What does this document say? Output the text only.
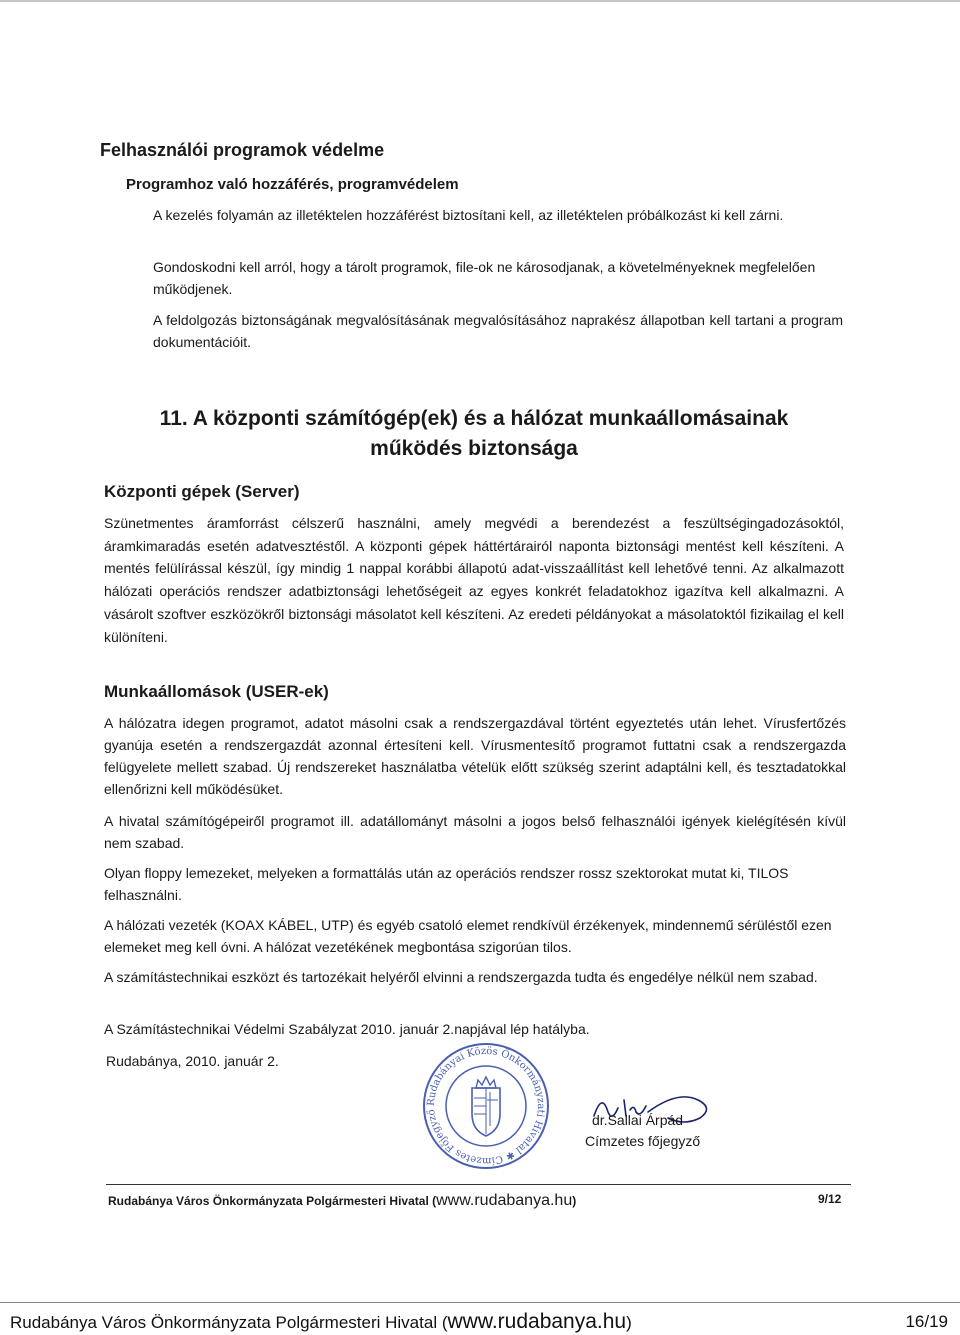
Felhasználói programok védelme
Programhoz való hozzáférés, programvédelem
A kezelés folyamán az illetéktelen hozzáférést biztosítani kell, az illetéktelen próbálkozást ki kell zárni.
Gondoskodni kell arról, hogy a tárolt programok, file-ok ne károsodjanak, a követelményeknek megfelelően működjenek.
A feldolgozás biztonságának megvalósításának megvalósításához naprakész állapotban kell tartani a program dokumentációit.
11. A központi számítógép(ek) és a hálózat munkaállomásainak
működés biztonsága
Központi gépek (Server)
Szünetmentes áramforrást célszerű használni, amely megvédi a berendezést a feszültségingadozásoktól, áramkimaradás esetén adatvesztéstől. A központi gépek háttértárairól naponta biztonsági mentést kell készíteni. A mentés felülírással készül, így mindig 1 nappal korábbi állapotú adat-visszaállítást kell lehetővé tenni. Az alkalmazott hálózati operációs rendszer adatbiztonsági lehetőségeit az egyes konkrét feladatokhoz igazítva kell alkalmazni. A vásárolt szoftver eszközökről biztonsági másolatot kell készíteni. Az eredeti példányokat a másolatoktól fizikailag el kell különíteni.
Munkaállomások (USER-ek)
A hálózatra idegen programot, adatot másolni csak a rendszergazdával történt egyeztetés után lehet. Vírusfertőzés gyanúja esetén a rendszergazdát azonnal értesíteni kell. Vírusmentesítő programot futtatni csak a rendszergazda felügyelete mellett szabad. Új rendszereket használatba vételük előtt szükség szerint adaptálni kell, és tesztadatokkal ellenőrizni kell működésüket.
A hivatal számítógépeiről programot ill. adatállományt másolni a jogos belső felhasználói igények kielégítésén kívül nem szabad.
Olyan floppy lemezeket, melyeken a formattálás után az operációs rendszer rossz szektorokat mutat ki, TILOS felhasználni.
A hálózati vezeték (KOAX KÁBEL, UTP) és egyéb csatoló elemet rendkívül érzékenyek, mindennemű sérüléstől ezen elemeket meg kell óvni. A hálózat vezetékének megbontása szigorúan tilos.
A számítástechnikai eszközt és tartozékait helyéről elvinni a rendszergazda tudta és engedélye nélkül nem szabad.
A Számítástechnikai Védelmi Szabályzat 2010. január 2.napjával lép hatályba.
Rudabánya, 2010. január 2.
Rudabányai Közös Önkormányzati Hivatal ✱ Címzetes Főjegyző	dr.Sallai Árpád
Címzetes főjegyző
Rudabánya Város Önkormányzata Polgármesteri Hivatal (www.rudabanya.hu)	9/12
Rudabánya Város Önkormányzata Polgármesteri Hivatal (www.rudabanya.hu)	16/19
